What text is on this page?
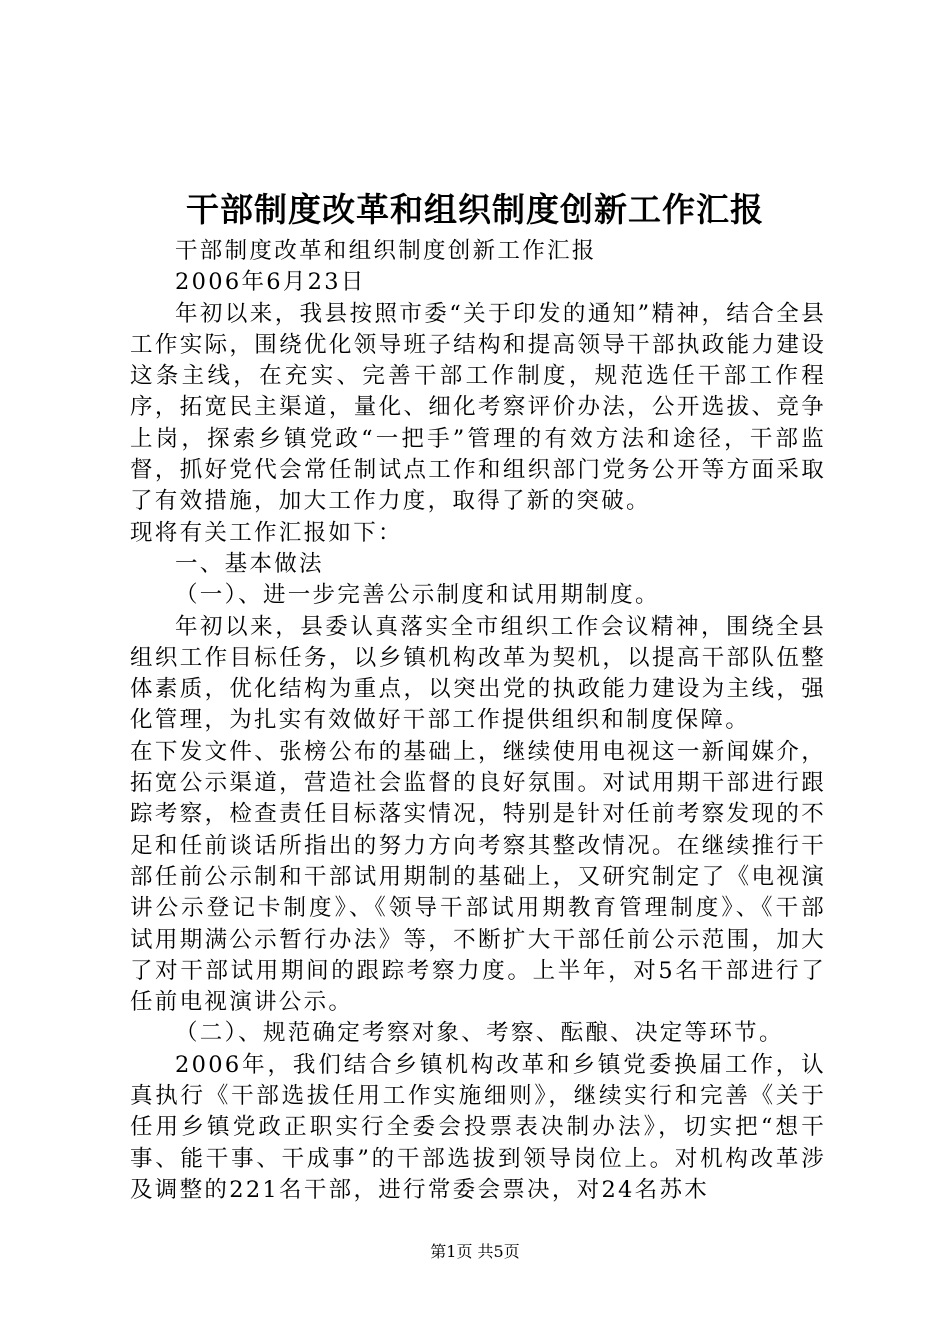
干部制度改革和组织制度创新工作汇报

干部制度改革和组织制度创新工作汇报

2006年6月23日

年初以来，我县按照市委“关于印发的通知”精神，结合全县工作实际，围绕优化领导班子结构和提高领导干部执政能力建设这条主线，在充实、完善干部工作制度，规范选任干部工作程序，拓宽民主渠道，量化、细化考察评价办法，公开选拔、竞争上岗，探索乡镇党政“一把手”管理的有效方法和途径，干部监督，抓好党代会常任制试点工作和组织部门党务公开等方面采取了有效措施，加大工作力度，取得了新的突破。

现将有关工作汇报如下：

一、基本做法

（一）、进一步完善公示制度和试用期制度。

年初以来，县委认真落实全市组织工作会议精神，围绕全县组织工作目标任务，以乡镇机构改革为契机，以提高干部队伍整体素质，优化结构为重点，以突出党的执政能力建设为主线，强化管理，为扎实有效做好干部工作提供组织和制度保障。

在下发文件、张榜公布的基础上，继续使用电视这一新闻媒介，拓宽公示渠道，营造社会监督的良好氛围。对试用期干部进行跟踪考察，检查责任目标落实情况，特别是针对任前考察发现的不足和任前谈话所指出的努力方向考察其整改情况。在继续推行干部任前公示制和干部试用期制的基础上，又研究制定了《电视演讲公示登记卡制度》、《领导干部试用期教育管理制度》、《干部试用期满公示暂行办法》等，不断扩大干部任前公示范围，加大了对干部试用期间的跟踪考察力度。上半年，对5名干部进行了任前电视演讲公示。

（二）、规范确定考察对象、考察、酝酿、决定等环节。

2006年，我们结合乡镇机构改革和乡镇党委换届工作，认真执行《干部选拔任用工作实施细则》，继续实行和完善《关于任用乡镇党政正职实行全委会投票表决制办法》，切实把“想干事、能干事、干成事”的干部选拔到领导岗位上。对机构改革涉及调整的221名干部，进行常委会票决，对24名苏木

第1页 共5页
